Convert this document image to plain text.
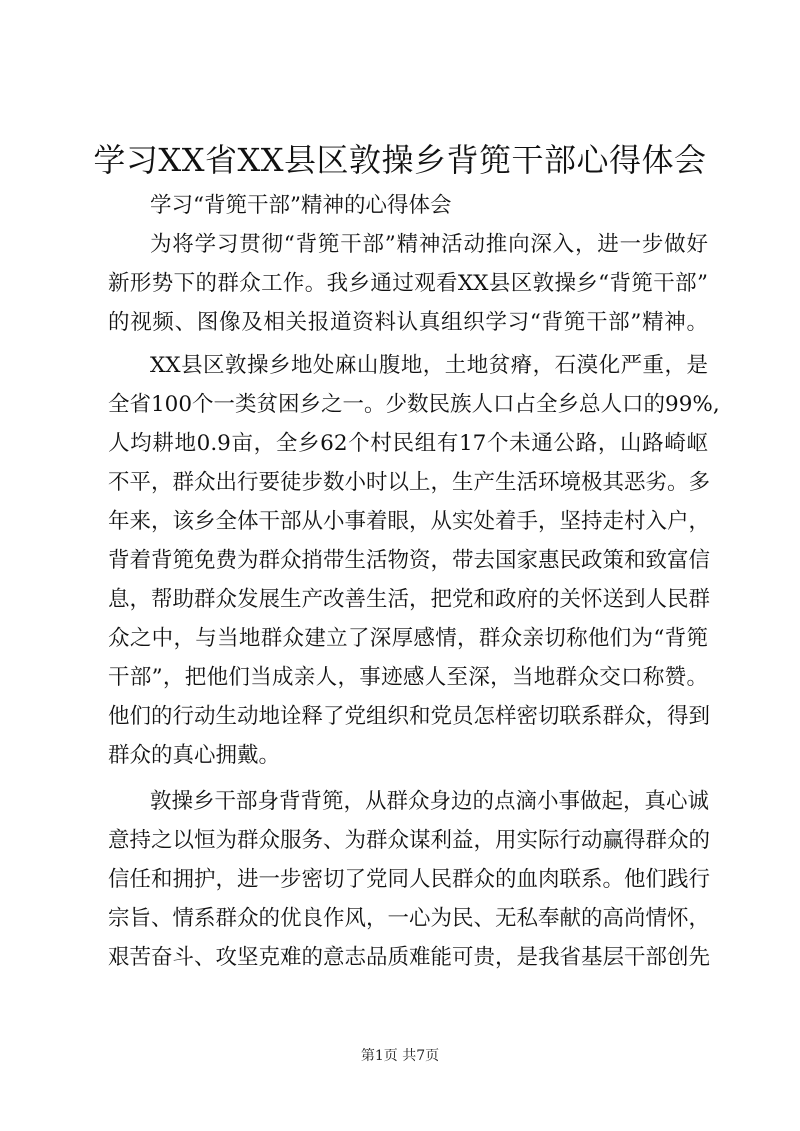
学习XX省XX县区敦操乡背篼干部心得体会
学习“背篼干部”精神的心得体会
为将学习贯彻“背篼干部”精神活动推向深入，进一步做好
新形势下的群众工作。我乡通过观看XX县区敦操乡“背篼干部”
的视频、图像及相关报道资料认真组织学习“背篼干部”精神。
XX县区敦操乡地处麻山腹地，土地贫瘠，石漠化严重，是
全省100个一类贫困乡之一。少数民族人口占全乡总人口的99%,
人均耕地0.9亩，全乡62个村民组有17个未通公路，山路崎岖
不平，群众出行要徒步数小时以上，生产生活环境极其恶劣。多
年来，该乡全体干部从小事着眼，从实处着手，坚持走村入户，
背着背篼免费为群众捎带生活物资，带去国家惠民政策和致富信
息，帮助群众发展生产改善生活，把党和政府的关怀送到人民群
众之中，与当地群众建立了深厚感情，群众亲切称他们为“背篼
干部”，把他们当成亲人，事迹感人至深，当地群众交口称赞。
他们的行动生动地诠释了党组织和党员怎样密切联系群众，得到
群众的真心拥戴。
敦操乡干部身背背篼，从群众身边的点滴小事做起，真心诚
意持之以恒为群众服务、为群众谋利益，用实际行动赢得群众的
信任和拥护，进一步密切了党同人民群众的血肉联系。他们践行
宗旨、情系群众的优良作风，一心为民、无私奉献的高尚情怀，
艰苦奋斗、攻坚克难的意志品质难能可贵，是我省基层干部创先
第1页 共7页
